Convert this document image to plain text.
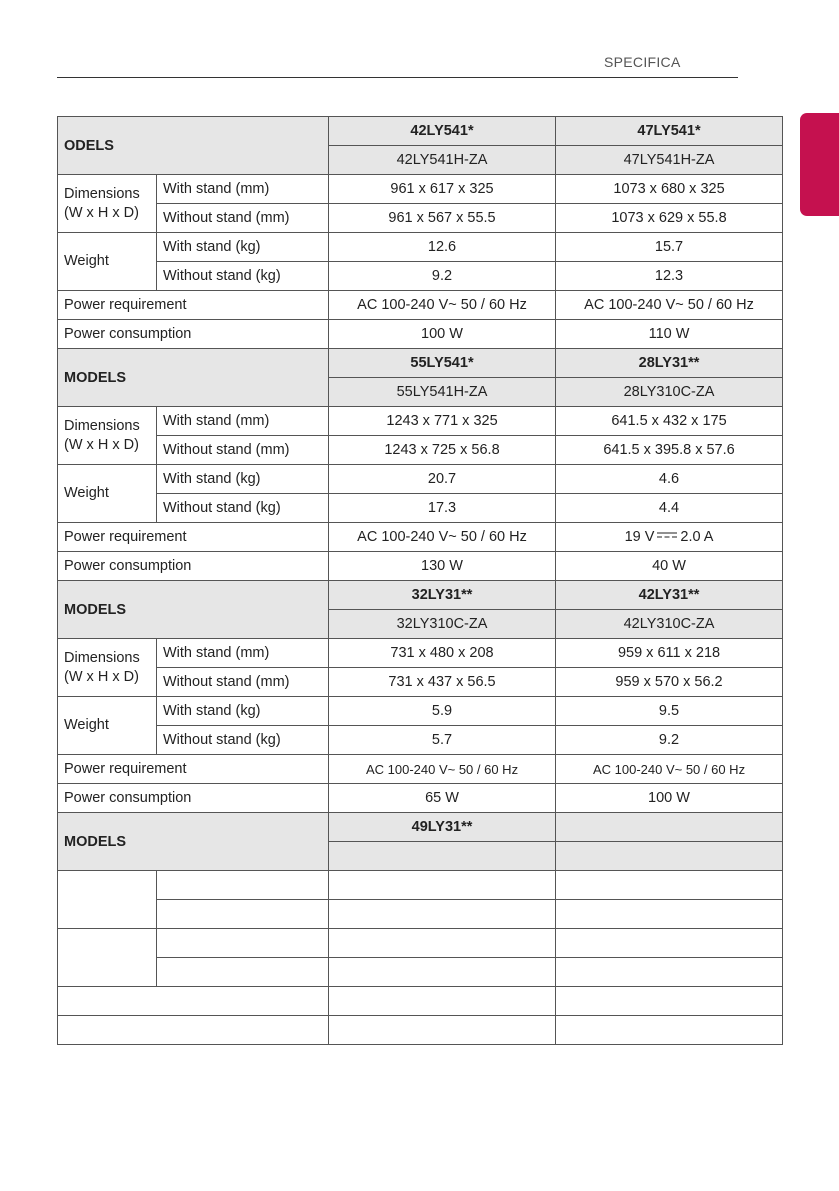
SPECIFICA
ODELS		42LY541*	47LY541*
		42LY541H-ZA	47LY541H-ZA
Dimensions (W x H x D)	With stand (mm)	961 x 617 x 325	1073 x 680 x 325
	Without stand (mm)	961 x 567 x 55.5	1073 x 629 x 55.8
Weight	With stand (kg)	12.6	15.7
	Without stand (kg)	9.2	12.3
Power requirement		AC 100-240 V~ 50 / 60 Hz	AC 100-240 V~ 50 / 60 Hz
Power consumption		100 W	110 W
MODELS		55LY541*	28LY31**
		55LY541H-ZA	28LY310C-ZA
Dimensions (W x H x D)	With stand (mm)	1243 x 771 x 325	641.5 x 432 x 175
	Without stand (mm)	1243 x 725 x 56.8	641.5 x 395.8 x 57.6
Weight	With stand (kg)	20.7	4.6
	Without stand (kg)	17.3	4.4
Power requirement		AC 100-240 V~ 50 / 60 Hz	19 V 2.0 A
Power consumption		130 W	40 W
MODELS		32LY31**	42LY31**
		32LY310C-ZA	42LY310C-ZA
Dimensions (W x H x D)	With stand (mm)	731 x 480 x 208	959 x 611 x 218
	Without stand (mm)	731 x 437 x 56.5	959 x 570 x 56.2
Weight	With stand (kg)	5.9	9.5
	Without stand (kg)	5.7	9.2
Power requirement		AC 100-240 V~ 50 / 60 Hz	AC 100-240 V~ 50 / 60 Hz
Power consumption		65 W	100 W
MODELS		49LY31**	
